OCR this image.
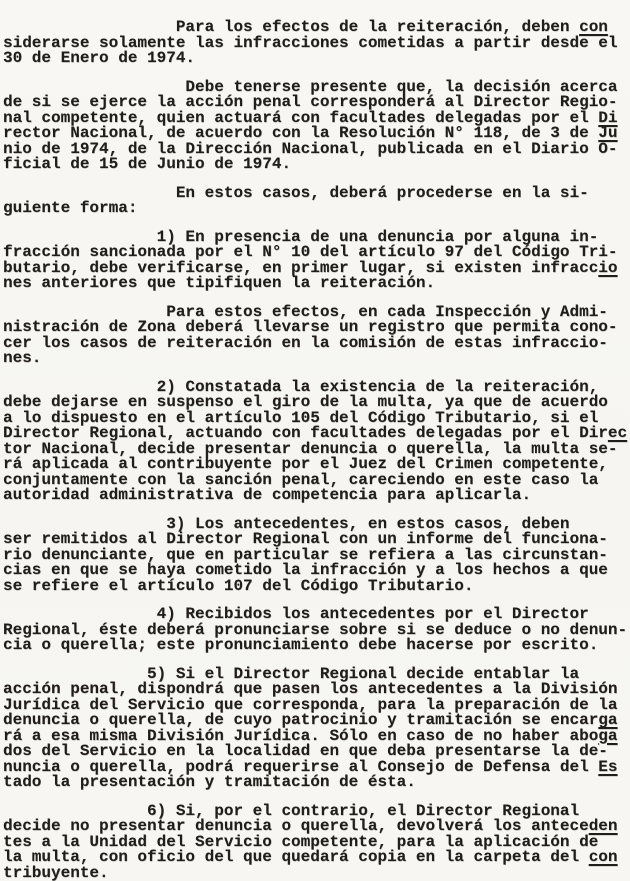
Para los efectos de la reiteración, deben con
siderarse solamente las infracciones cometidas a partir desde el
30 de Enero de 1974.
Debe tenerse presente que, la decisión acerca
de si se ejerce la acción penal corresponderá al Director Regio-
nal competente, quien actuará con facultades delegadas por el Di
rector Nacional, de acuerdo con la Resolución N° 118, de 3 de Ju
nio de 1974, de la Dirección Nacional, publicada en el Diario O-
ficial de 15 de Junio de 1974.
En estos casos, deberá procederse en la si-
guiente forma:
1) En presencia de una denuncia por alguna in-
fracción sancionada por el N° 10 del artículo 97 del Código Tri-
butario, debe verificarse, en primer lugar, si existen infraccio
nes anteriores que tipifiquen la reiteración.
Para estos efectos, en cada Inspección y Admi-
nistración de Zona deberá llevarse un registro que permita cono-
cer los casos de reiteración en la comisión de estas infraccio-
nes.
2) Constatada la existencia de la reiteración,
debe dejarse en suspenso el giro de la multa, ya que de acuerdo
a lo dispuesto en el artículo 105 del Código Tributario, si el
Director Regional, actuando con facultades delegadas por el Direc
tor Nacional, decide presentar denuncia o querella, la multa se-
rá aplicada al contribuyente por el Juez del Crimen competente,
conjuntamente con la sanción penal, careciendo en este caso la
autoridad administrativa de competencia para aplicarla.
3) Los antecedentes, en estos casos, deben
ser remitidos al Director Regional con un informe del funciona-
rio denunciante, que en particular se refiera a las circunstan-
cias en que se haya cometido la infracción y a los hechos a que
se refiere el artículo 107 del Código Tributario.
4) Recibidos los antecedentes por el Director
Regional, éste deberá pronunciarse sobre si se deduce o no denun-
cia o querella; este pronunciamiento debe hacerse por escrito.
5) Si el Director Regional decide entablar la
acción penal, dispondrá que pasen los antecedentes a la División
Jurídica del Servicio que corresponda, para la preparación de la
denuncia o querella, de cuyo patrocinio y tramitación se encarga
rá a esa misma División Jurídica. Sólo en caso de no haber aboga
dos del Servicio en la localidad en que deba presentarse la de-
nuncia o querella, podrá requerirse al Consejo de Defensa del Es
tado la presentación y tramitación de ésta.
6) Si, por el contrario, el Director Regional
decide no presentar denuncia o querella, devolverá los anteceden
tes a la Unidad del Servicio competente, para la aplicación de
la multa, con oficio del que quedará copia en la carpeta del con
tribuyente.
